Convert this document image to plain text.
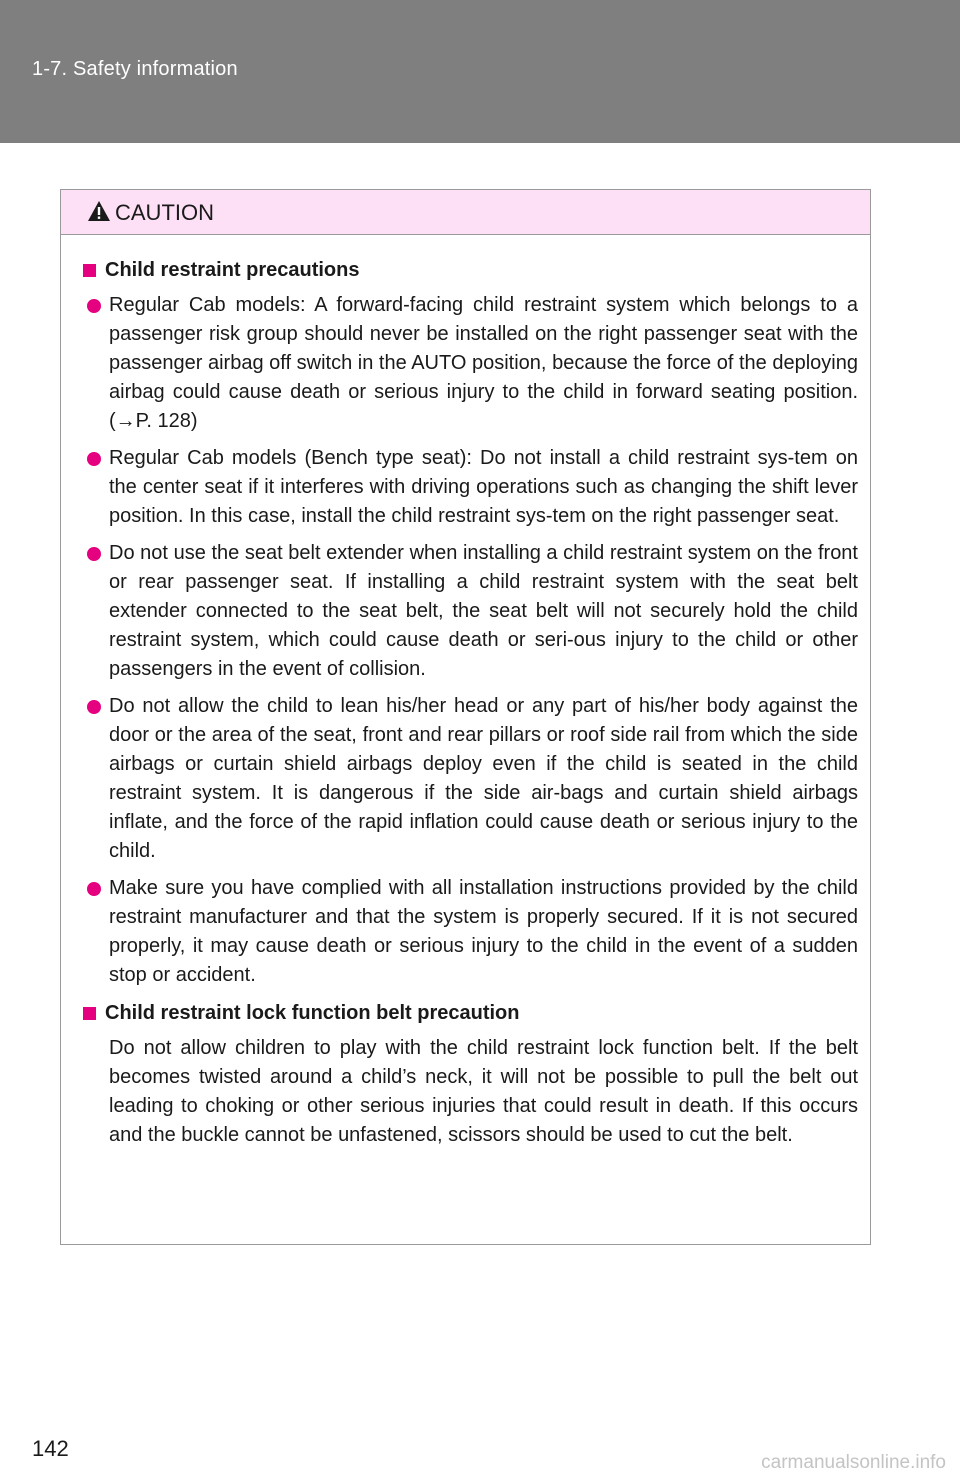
1-7. Safety information
CAUTION
Child restraint precautions
Regular Cab models: A forward-facing child restraint system which belongs to a passenger risk group should never be installed on the right passenger seat with the passenger airbag off switch in the AUTO position, because the force of the deploying airbag could cause death or serious injury to the child in forward seating position. (→P. 128)
Regular Cab models (Bench type seat): Do not install a child restraint sys-tem on the center seat if it interferes with driving operations such as changing the shift lever position. In this case, install the child restraint sys-tem on the right passenger seat.
Do not use the seat belt extender when installing a child restraint system on the front or rear passenger seat. If installing a child restraint system with the seat belt extender connected to the seat belt, the seat belt will not securely hold the child restraint system, which could cause death or seri-ous injury to the child or other passengers in the event of collision.
Do not allow the child to lean his/her head or any part of his/her body against the door or the area of the seat, front and rear pillars or roof side rail from which the side airbags or curtain shield airbags deploy even if the child is seated in the child restraint system. It is dangerous if the side air-bags and curtain shield airbags inflate, and the force of the rapid inflation could cause death or serious injury to the child.
Make sure you have complied with all installation instructions provided by the child restraint manufacturer and that the system is properly secured. If it is not secured properly, it may cause death or serious injury to the child in the event of a sudden stop or accident.
Child restraint lock function belt precaution

Do not allow children to play with the child restraint lock function belt. If the belt becomes twisted around a child’s neck, it will not be possible to pull the belt out leading to choking or other serious injuries that could result in death. If this occurs and the buckle cannot be unfastened, scissors should be used to cut the belt.

142
carmanualsonline.info
